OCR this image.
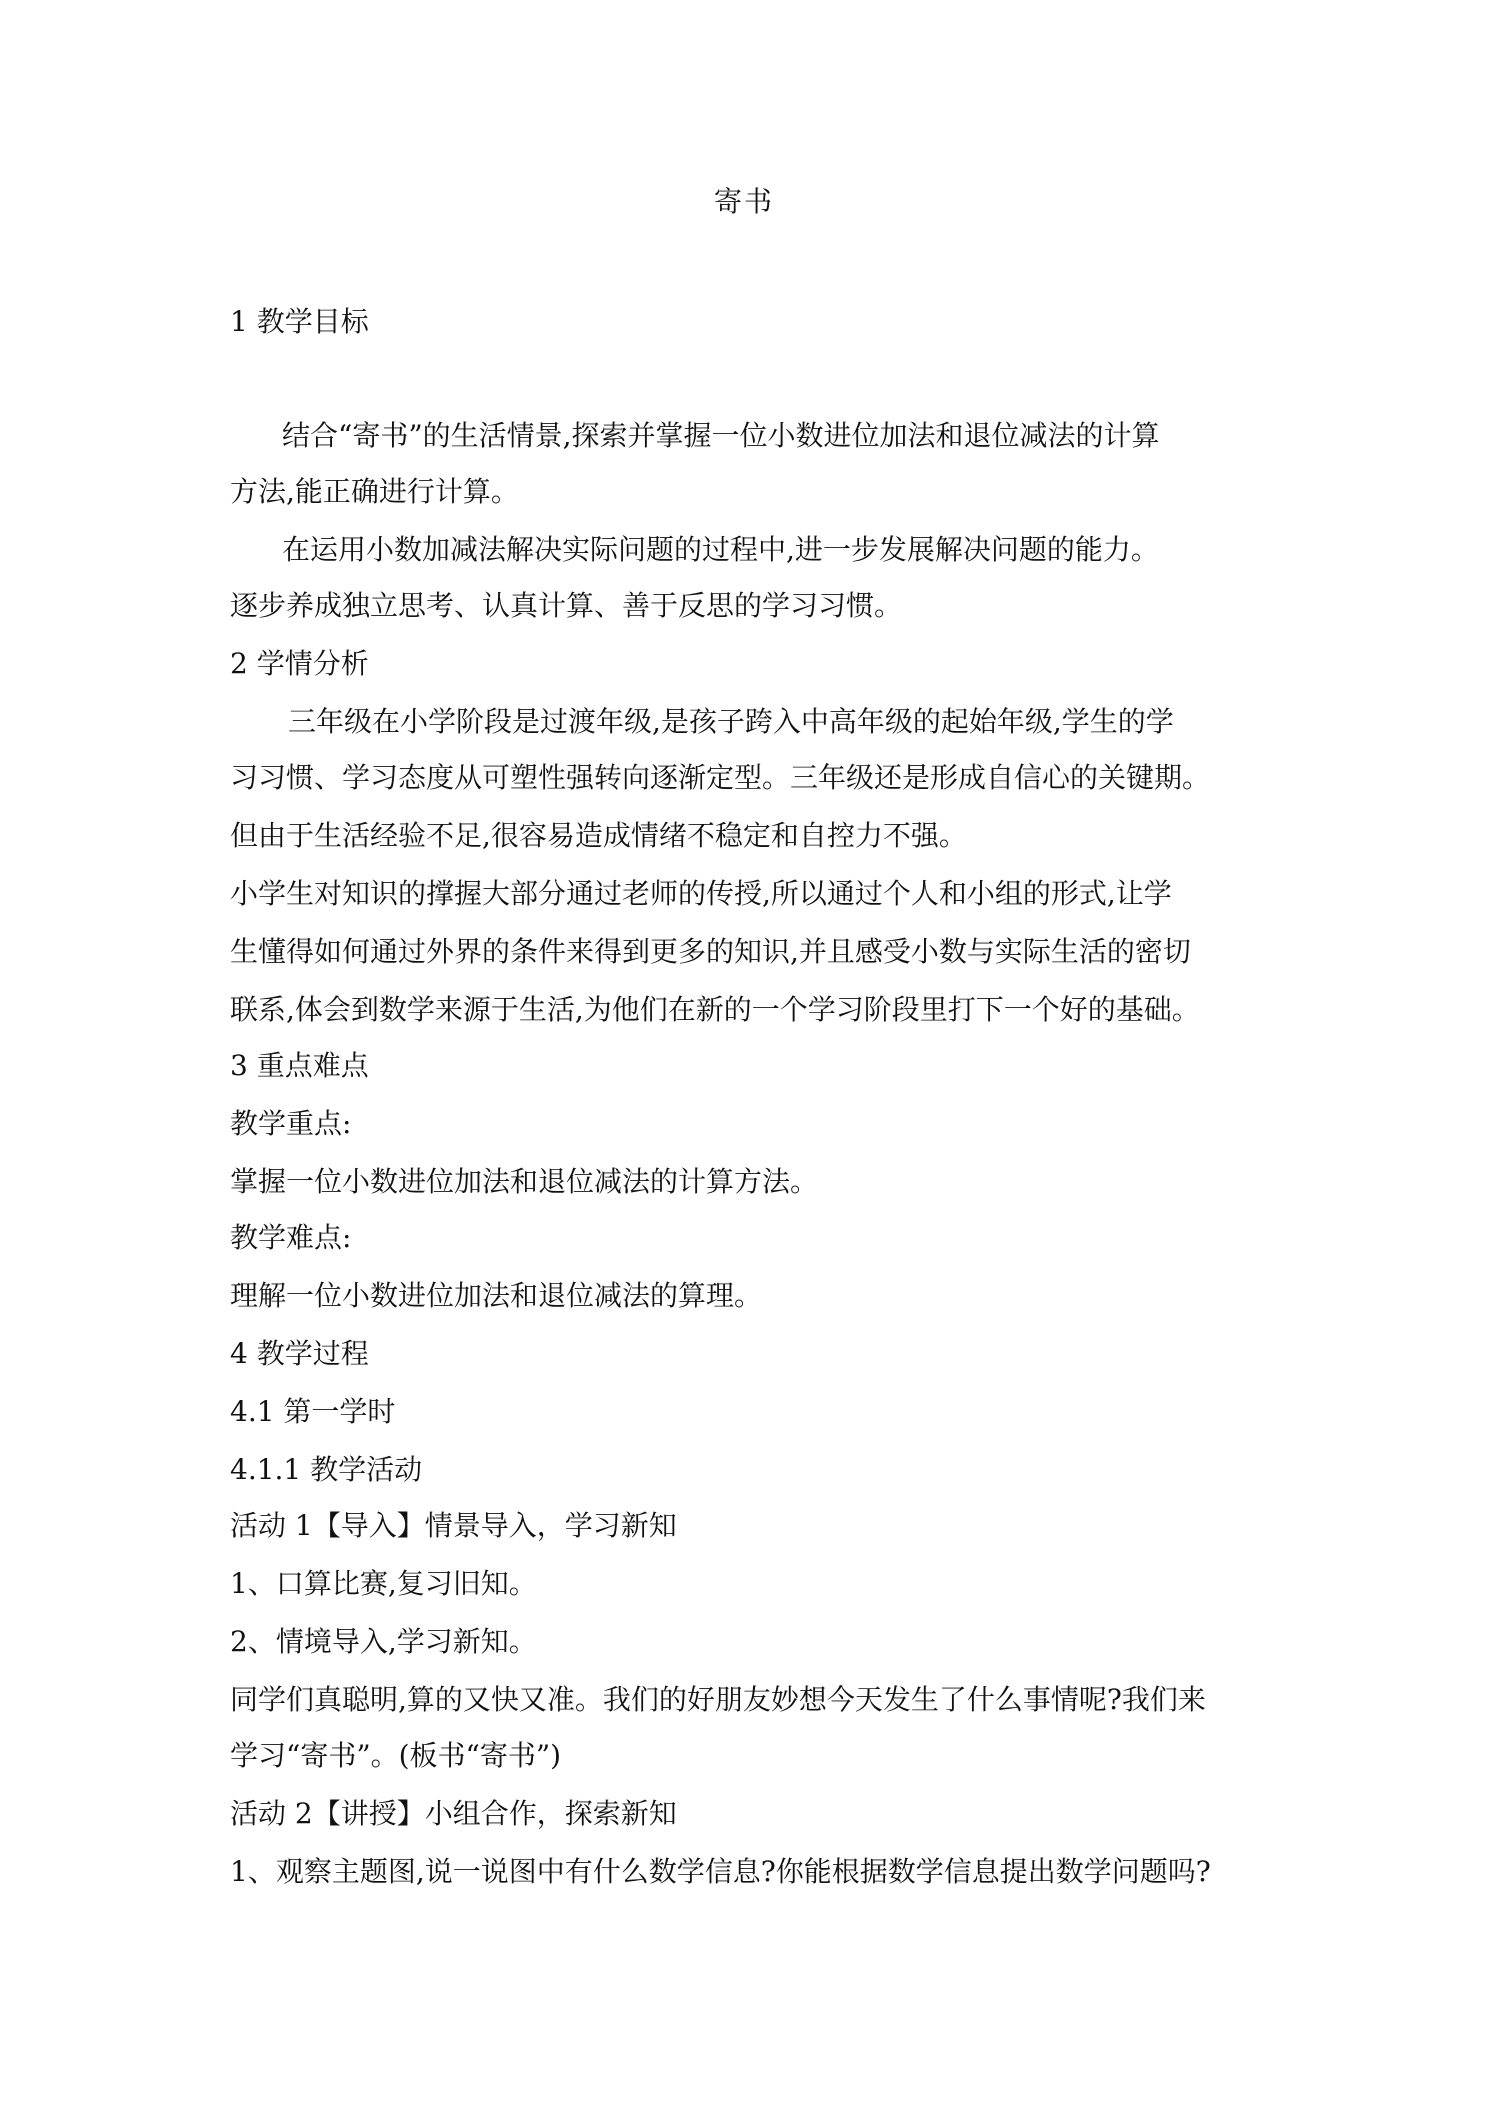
寄书
1 教学目标
结合“寄书”的生活情景,探索并掌握一位小数进位加法和退位减法的计算
方法,能正确进行计算。
在运用小数加减法解决实际问题的过程中,进一步发展解决问题的能力。
逐步养成独立思考、认真计算、善于反思的学习习惯。
2 学情分析
三年级在小学阶段是过渡年级,是孩子跨入中高年级的起始年级,学生的学
习习惯、学习态度从可塑性强转向逐渐定型。三年级还是形成自信心的关键期。
但由于生活经验不足,很容易造成情绪不稳定和自控力不强。
小学生对知识的撑握大部分通过老师的传授,所以通过个人和小组的形式,让学
生懂得如何通过外界的条件来得到更多的知识,并且感受小数与实际生活的密切
联系,体会到数学来源于生活,为他们在新的一个学习阶段里打下一个好的基础。
3 重点难点
教学重点:
掌握一位小数进位加法和退位减法的计算方法。
教学难点:
理解一位小数进位加法和退位减法的算理。
4 教学过程
4.1 第一学时
4.1.1 教学活动
活动 1【导入】情景导入，学习新知
1、口算比赛,复习旧知。
2、情境导入,学习新知。
同学们真聪明,算的又快又准。我们的好朋友妙想今天发生了什么事情呢?我们来
学习“寄书”。(板书“寄书”)
活动 2【讲授】小组合作，探索新知
1、观察主题图,说一说图中有什么数学信息?你能根据数学信息提出数学问题吗?
